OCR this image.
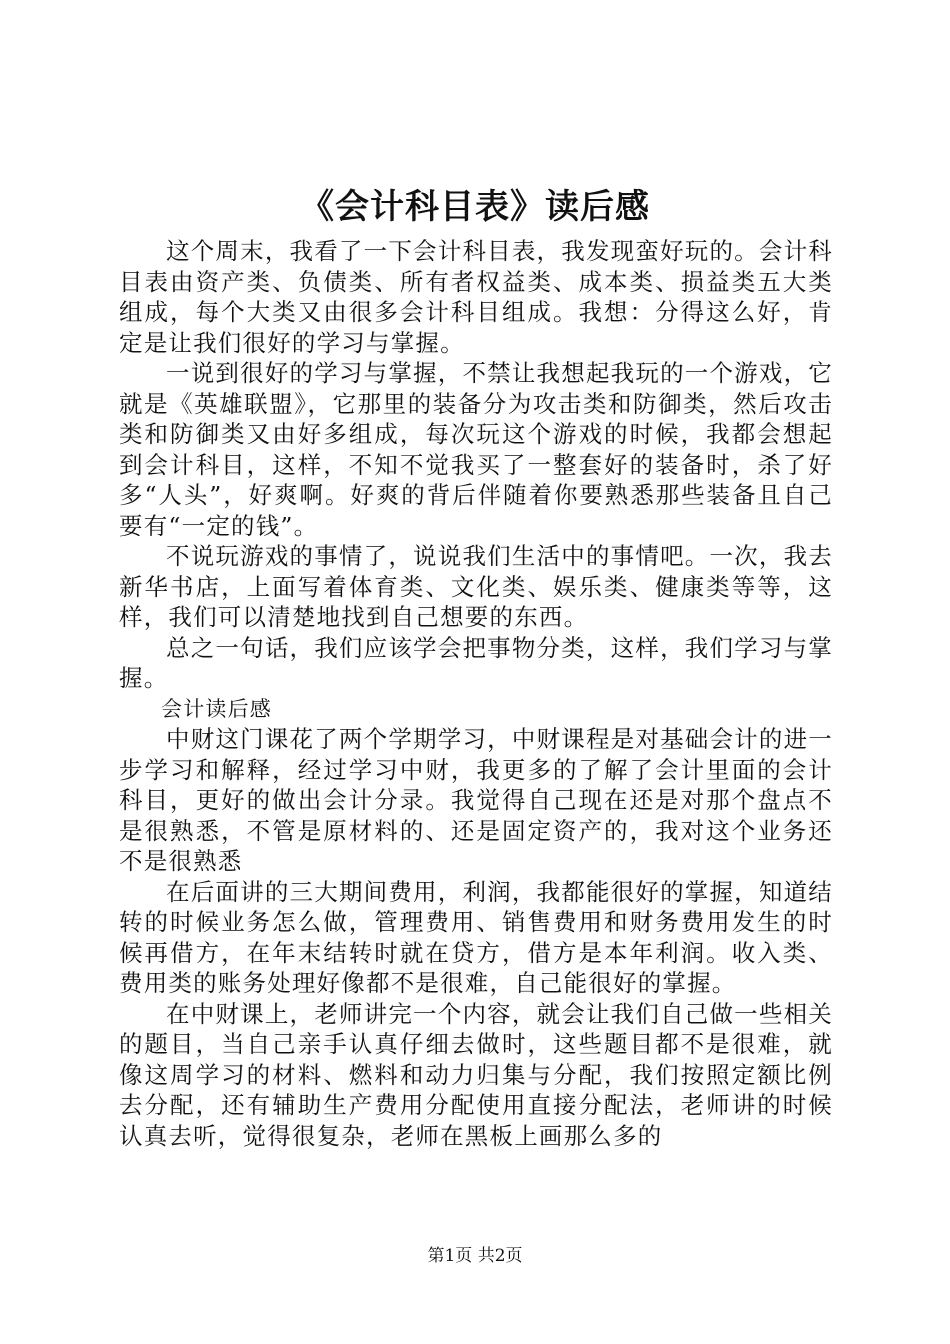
《会计科目表》读后感

这个周末，我看了一下会计科目表，我发现蛮好玩的。会计科目表由资产类、负债类、所有者权益类、成本类、损益类五大类组成，每个大类又由很多会计科目组成。我想：分得这么好，肯定是让我们很好的学习与掌握。

一说到很好的学习与掌握，不禁让我想起我玩的一个游戏，它就是《英雄联盟》，它那里的装备分为攻击类和防御类，然后攻击类和防御类又由好多组成，每次玩这个游戏的时候，我都会想起到会计科目，这样，不知不觉我买了一整套好的装备时，杀了好多“人头”，好爽啊。好爽的背后伴随着你要熟悉那些装备且自己要有“一定的钱”。

不说玩游戏的事情了，说说我们生活中的事情吧。一次，我去新华书店，上面写着体育类、文化类、娱乐类、健康类等等，这样，我们可以清楚地找到自己想要的东西。

总之一句话，我们应该学会把事物分类，这样，我们学习与掌握。

会计读后感

中财这门课花了两个学期学习，中财课程是对基础会计的进一步学习和解释，经过学习中财，我更多的了解了会计里面的会计科目，更好的做出会计分录。我觉得自己现在还是对那个盘点不是很熟悉，不管是原材料的、还是固定资产的，我对这个业务还不是很熟悉

在后面讲的三大期间费用，利润，我都能很好的掌握，知道结转的时候业务怎么做，管理费用、销售费用和财务费用发生的时候再借方，在年末结转时就在贷方，借方是本年利润。收入类、费用类的账务处理好像都不是很难，自己能很好的掌握。

在中财课上，老师讲完一个内容，就会让我们自己做一些相关的题目，当自己亲手认真仔细去做时，这些题目都不是很难，就像这周学习的材料、燃料和动力归集与分配，我们按照定额比例去分配，还有辅助生产费用分配使用直接分配法，老师讲的时候认真去听，觉得很复杂，老师在黑板上画那么多的

第1页 共2页
